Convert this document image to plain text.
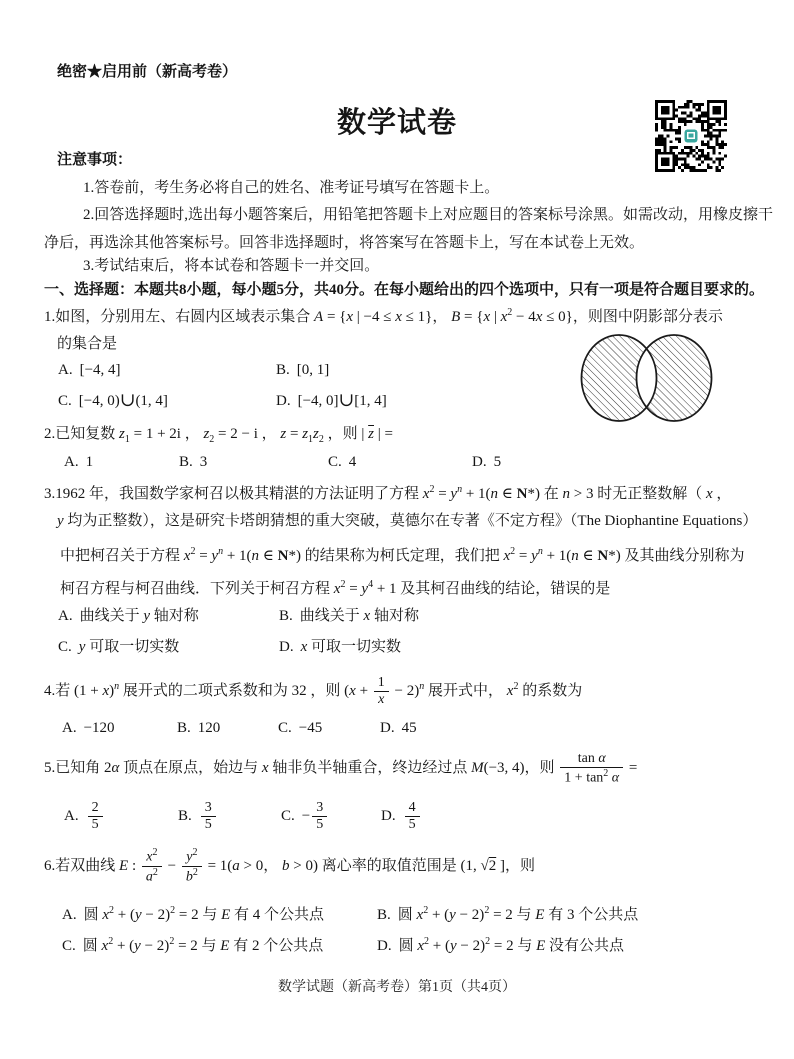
绝密★启用前（新高考卷）
数学试卷
注意事项：
1.答卷前，考生务必将自己的姓名、准考证号填写在答题卡上。
2.回答选择题时,选出每小题答案后，用铅笔把答题卡上对应题目的答案标号涂黑。如需改动，用橡皮擦干
净后，再选涂其他答案标号。回答非选择题时，将答案写在答题卡上，写在本试卷上无效。
3.考试结束后，将本试卷和答题卡一并交回。
一、选择题：本题共8小题，每小题5分，共40分。在每小题给出的四个选项中，只有一项是符合题目要求的。
1.如图，分别用左、右圆内区域表示集合 A = {x | −4 ≤ x ≤ 1}， B = {x | $x^2 - 4x \le 0$}，则图中阴影部分表示
的集合是
A. [−4, 4]	B. [0, 1]
C. [−4, 0)∪(1, 4]	D. [−4, 0]∪[1, 4]
2.已知复数 $z_1 = 1 + 2i$ ， $z_2 = 2 - i$ ， $z = z_1z_2$ ，则 | $\overline{z}$ | =
A. 1	B. 3	C. 4	D. 5
3.1962 年，我国数学家柯召以极其精湛的方法证明了方程 $x^2 = y^n + 1(n$ ∈ N*) 在 n > 3 时无正整数解（ x ，
y 均为正整数），这是研究卡塔朗猜想的重大突破，莫德尔在专著《不定方程》（The Diophantine Equations）
中把柯召关于方程 $x^2 = y^n + 1(n$ ∈ N*) 的结果称为柯氏定理，我们把 $x^2 = y^n + 1(n$ ∈ N*) 及其曲线分别称为
柯召方程与柯召曲线．下列关于柯召方程 $x^2 = y^4 + 1$ 及其柯召曲线的结论，错误的是
A. 曲线关于 y 轴对称	B. 曲线关于 x 轴对称
C. y 可取一切实数	D. x 可取一切实数
4.若 $(1 + x)^n$ 展开式的二项式系数和为 32 ，则 $(x + \frac{1}{x} - 2)^n$ 展开式中， $x^2$ 的系数为
A. −120	B. 120	C. −45	D. 45
5.已知角 2α 顶点在原点，始边与 x 轴非负半轴重合，终边经过点 M(−3, 4)，则 $\frac{\text{tan α}}{1 + \tan^2 \alpha}$ =
A. $\frac{2}{5}$	B. $\frac{3}{5}$	C. − $\frac{3}{5}$	D. $\frac{4}{5}$
6.若双曲线 E : $\frac{x^2}{a^2} - \frac{y^2}{b^2} = 1(a > 0$， b > 0) 离心率的取值范围是 (1, √2 ]，则
A. 圆 $x^2 + (y - 2)^2 = 2$ 与 E 有 4 个公共点	B. 圆 $x^2 + (y - 2)^2 = 2$ 与 E 有 3 个公共点
C. 圆 $x^2 + (y - 2)^2 = 2$ 与 E 有 2 个公共点	D. 圆 $x^2 + (y - 2)^2 = 2$ 与 E 没有公共点
数学试题（新高考卷）第1页（共4页）
